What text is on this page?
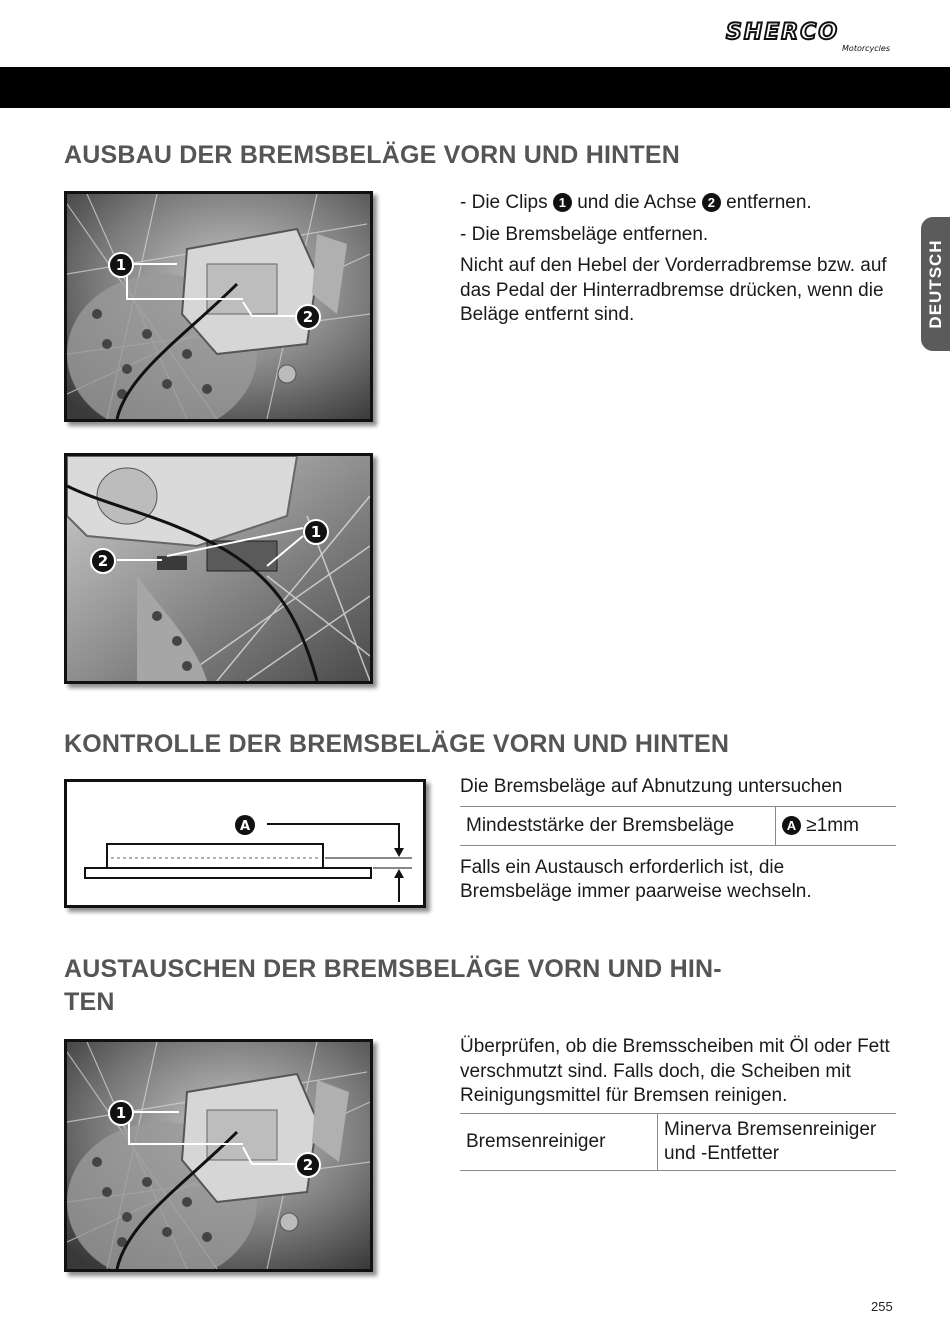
SHERCO
Motorcycles
DEUTSCH
AUSBAU DER BREMSBELÄGE VORN UND HINTEN
1
2
1
2

- Die Clips 1 und die Achse 2 entfernen.

- Die Bremsbeläge entfernen.

Nicht auf den Hebel der Vorderradbremse bzw. auf das Pedal der Hinterradbremse drücken, wenn die Beläge entfernt sind.

KONTROLLE DER BREMSBELÄGE VORN UND HINTEN
A
Die Bremsbeläge auf Abnutzung untersuchen
Mindeststärke der Bremsbeläge	A ≥1mm
Falls ein Austausch erforderlich ist, die Bremsbeläge immer paarweise wechseln.
AUSTAUSCHEN DER BREMSBELÄGE VORN UND HIN-
TEN
1
2
Überprüfen, ob die Bremsscheiben mit Öl oder Fett verschmutzt sind. Falls doch, die Scheiben mit Reinigungsmittel für Bremsen reinigen.
Bremsenreiniger	Minerva Bremsenreiniger
und -Entfetter
255
